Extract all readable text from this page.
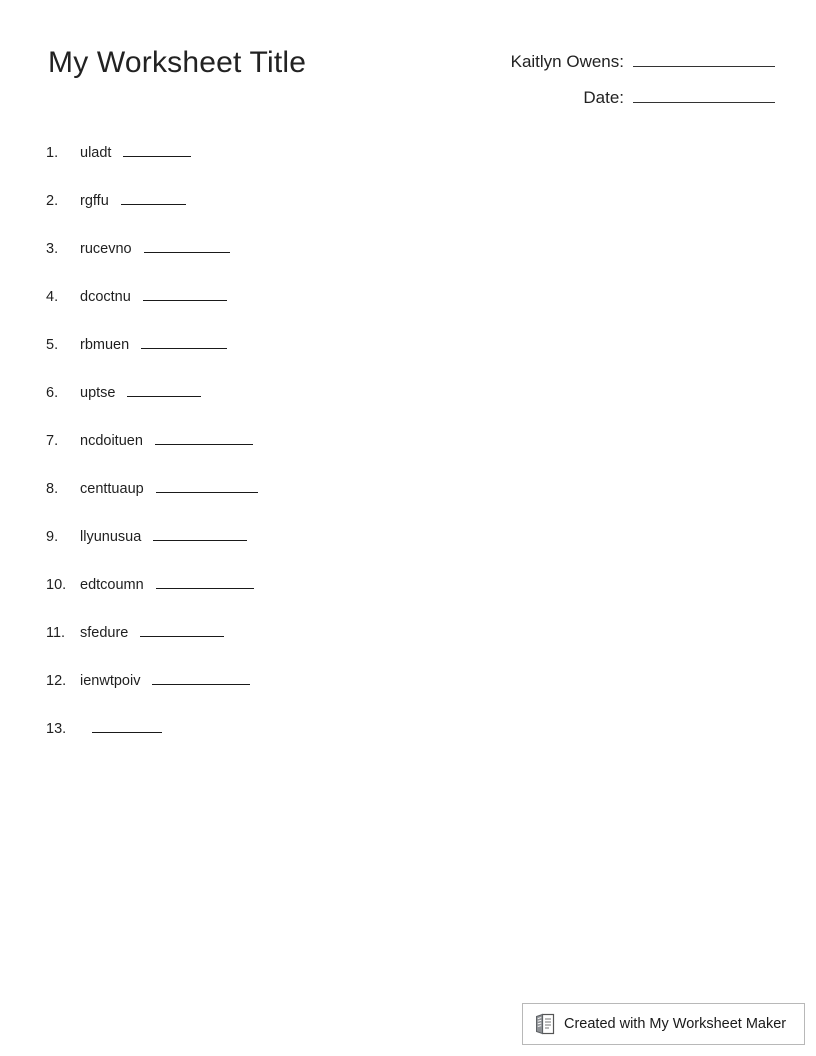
My Worksheet Title	Kaitlyn Owens:
Date:
1.	uladt
2.	rgffu
3.	rucevno
4.	dcoctnu
5.	rbmuen
6.	uptse
7.	ncdoituen
8.	centtuaup
9.	llyunusua
10. edtcoumn
11.	sfedure
12. ienwtpoiv
13.
Created with My Worksheet Maker
